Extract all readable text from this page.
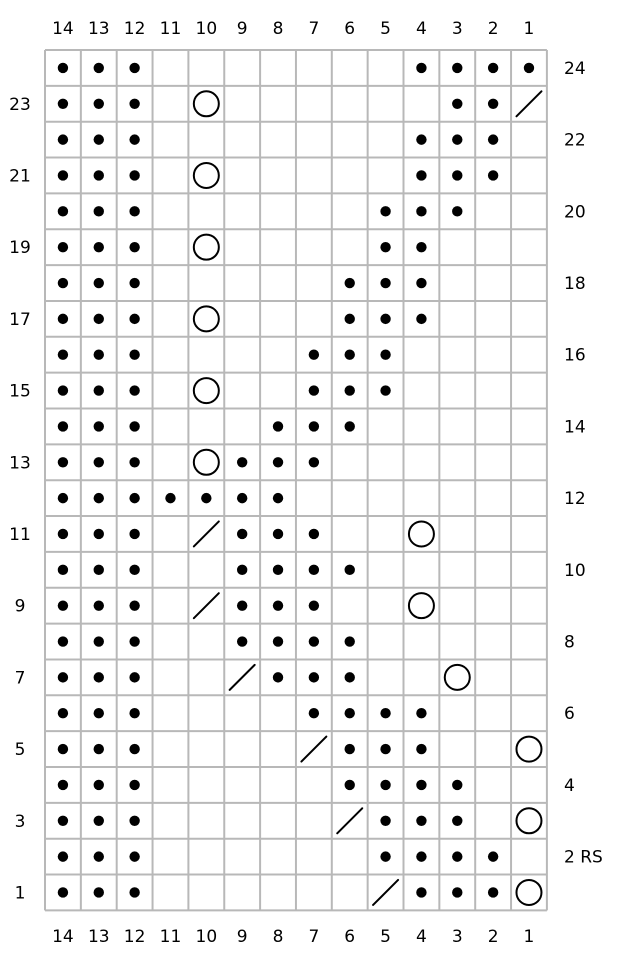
14
14
13
13
12
12
11
11
10
10
9
9
8
8
7
7
6
6
5
5
4
4
3
3
2
2
1
1
23
21
19
17
15
13
11
9
7
5
3
1
24
22
20
18
16
14
12
10
8
6
4
2 RS
